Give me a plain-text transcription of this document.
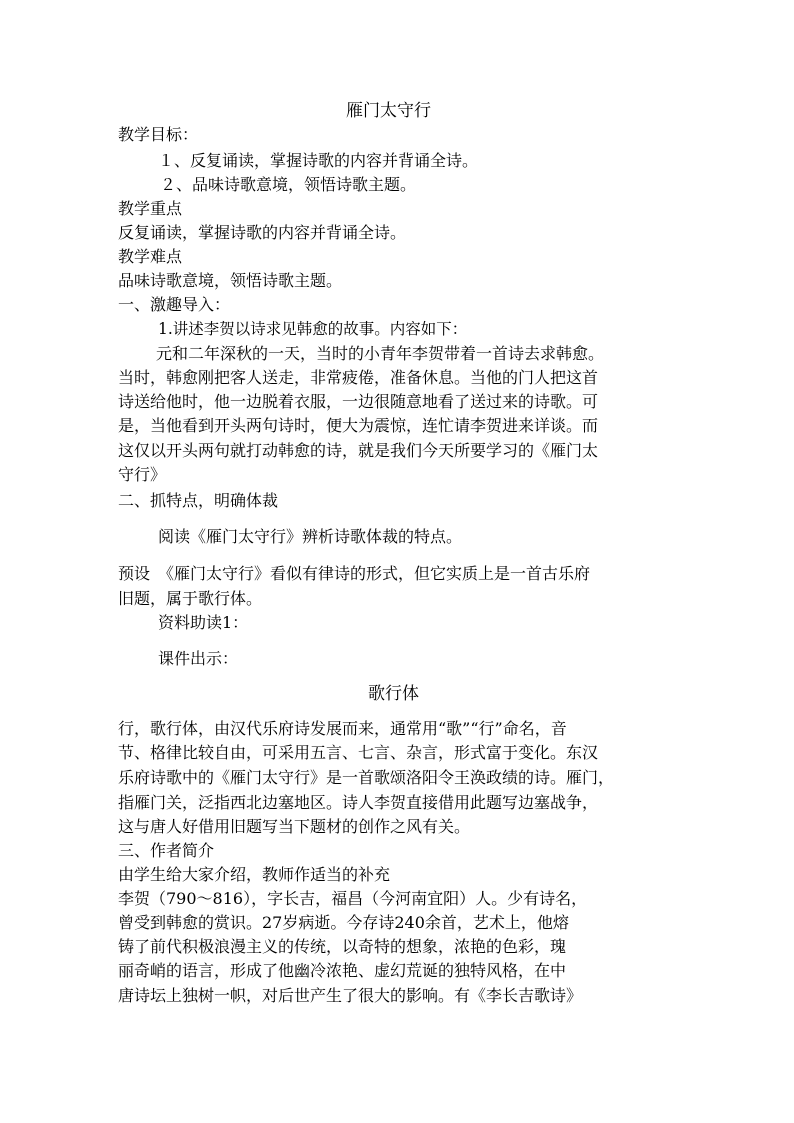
雁门太守行
教学目标：
１、反复诵读，掌握诗歌的内容并背诵全诗。
２、品味诗歌意境，领悟诗歌主题。
教学重点
反复诵读，掌握诗歌的内容并背诵全诗。
教学难点
品味诗歌意境，领悟诗歌主题。
一、激趣导入：
1.讲述李贺以诗求见韩愈的故事。内容如下：
元和二年深秋的一天，当时的小青年李贺带着一首诗去求韩愈。
当时，韩愈刚把客人送走，非常疲倦，准备休息。当他的门人把这首
诗送给他时，他一边脱着衣服，一边很随意地看了送过来的诗歌。可
是，当他看到开头两句诗时，便大为震惊，连忙请李贺进来详谈。而
这仅以开头两句就打动韩愈的诗，就是我们今天所要学习的《雁门太
守行》
二、抓特点，明确体裁
阅读《雁门太守行》辨析诗歌体裁的特点。
预设　《雁门太守行》看似有律诗的形式，但它实质上是一首古乐府
旧题，属于歌行体。
资料助读1：
课件出示：
歌行体
行，歌行体，由汉代乐府诗发展而来，通常用“歌”“行”命名，音
节、格律比较自由，可采用五言、七言、杂言，形式富于变化。东汉
乐府诗歌中的《雁门太守行》是一首歌颂洛阳令王涣政绩的诗。雁门，
指雁门关，泛指西北边塞地区。诗人李贺直接借用此题写边塞战争，
这与唐人好借用旧题写当下题材的创作之风有关。
三、作者简介
由学生给大家介绍，教师作适当的补充
李贺（790～816），字长吉，福昌（今河南宜阳）人。少有诗名，
曾受到韩愈的赏识。27岁病逝。今存诗240余首，艺术上，他熔
铸了前代积极浪漫主义的传统，以奇特的想象，浓艳的色彩，瑰
丽奇峭的语言，形成了他幽冷浓艳、虚幻荒诞的独特风格，在中
唐诗坛上独树一帜，对后世产生了很大的影响。有《李长吉歌诗》
